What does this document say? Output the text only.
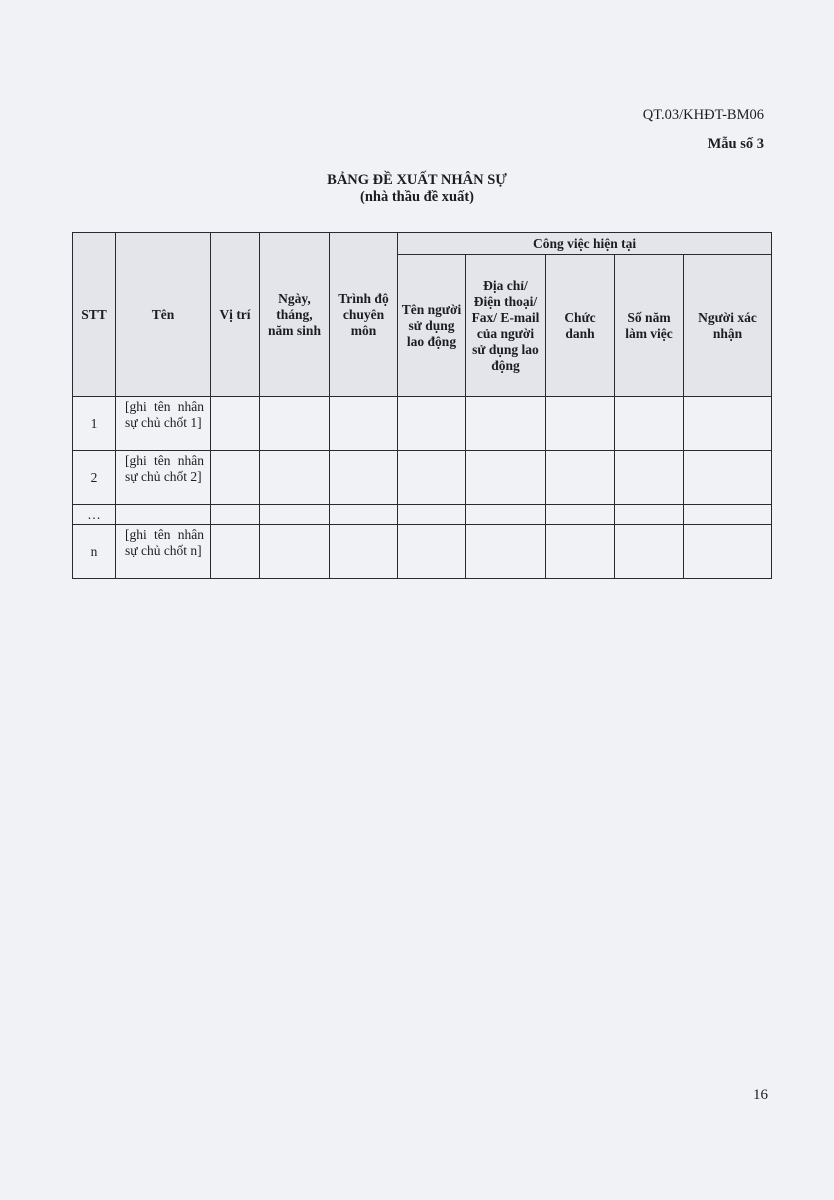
QT.03/KHĐT-BM06
Mẫu số 3
BẢNG ĐỀ XUẤT NHÂN SỰ
(nhà thầu đề xuất)
STT	Tên	Vị trí	Ngày, tháng, năm sinh	Trình độ chuyên môn	Công việc hiện tại				
					Tên người sử dụng lao động	Địa chỉ/ Điện thoại/ Fax/ E-mail của người sử dụng lao động	Chức danh	Số năm làm việc	Người xác nhận
1	[ghi tên nhân sự chủ chốt 1]								
2	[ghi tên nhân sự chủ chốt 2]								
…									
n	[ghi tên nhân sự chủ chốt n]								
16
